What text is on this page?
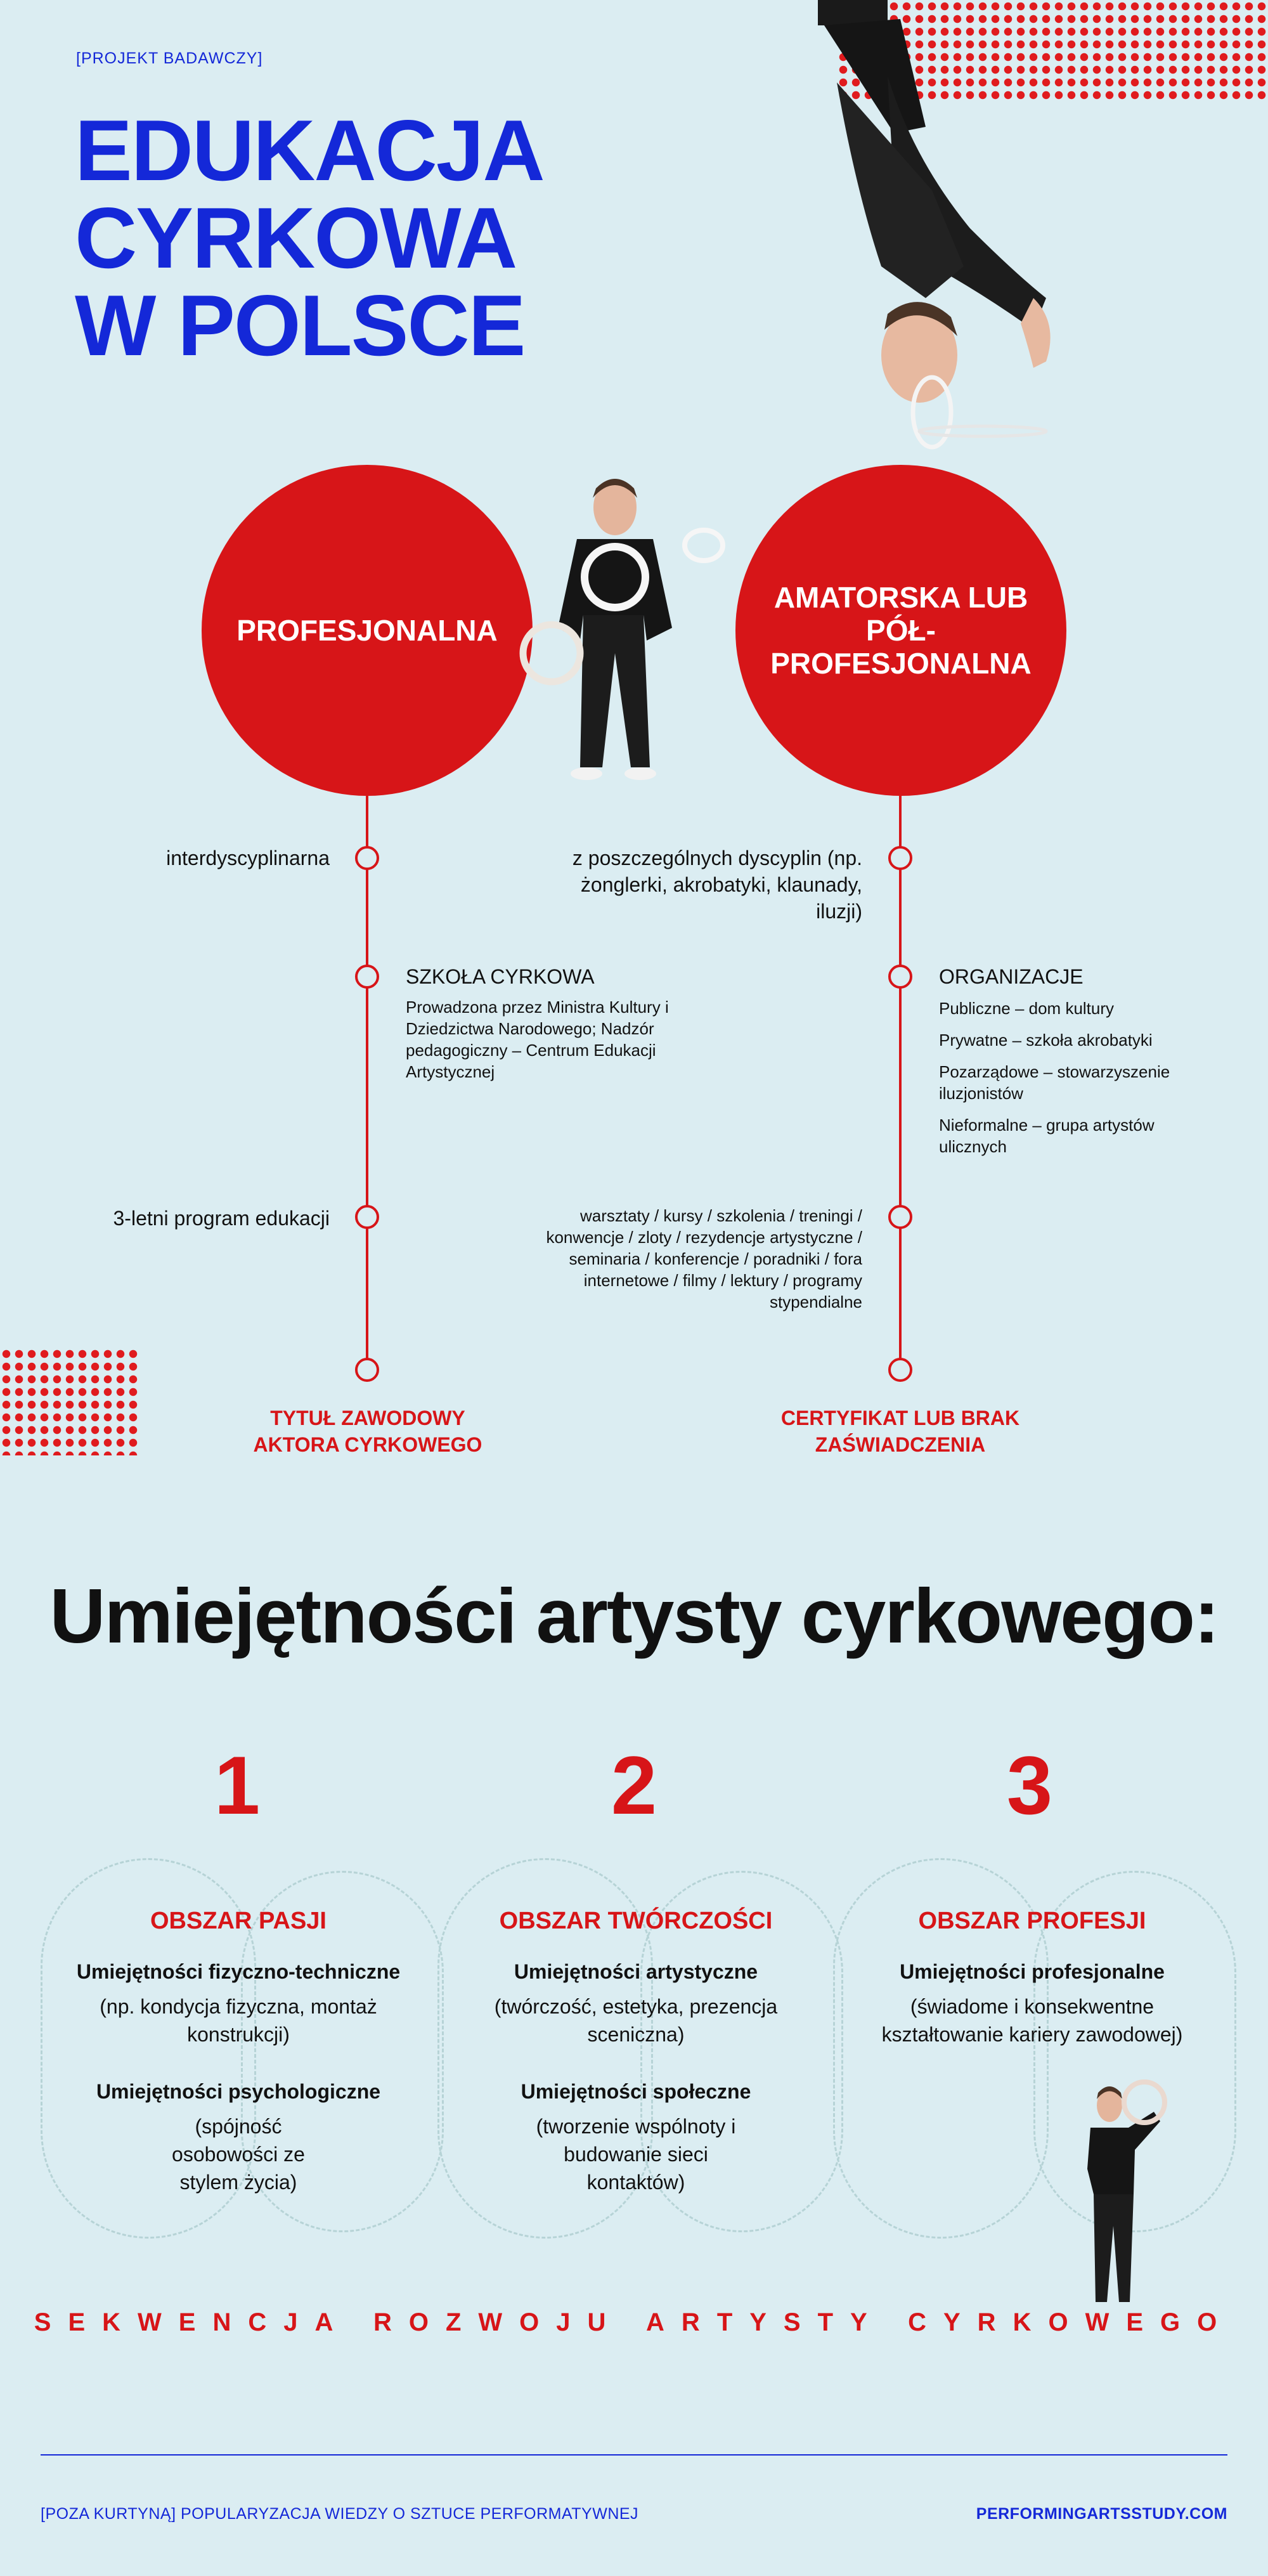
[PROJEKT BADAWCZY]
EDUKACJA
CYRKOWA
W POLSCE
PROFESJONALNA
AMATORSKA LUB PÓŁ-PROFESJONALNA
interdyscyplinarna
SZKOŁA CYRKOWA
Prowadzona przez Ministra Kultury i Dziedzictwa Narodowego; Nadzór pedagogiczny – Centrum Edukacji Artystycznej
3-letni program edukacji
TYTUŁ ZAWODOWY AKTORA CYRKOWEGO
z poszczególnych dyscyplin (np. żonglerki, akrobatyki, klaunady, iluzji)
ORGANIZACJE
Publiczne – dom kultury
Prywatne – szkoła akrobatyki
Pozarządowe – stowarzyszenie iluzjonistów
Nieformalne – grupa artystów ulicznych
warsztaty / kursy / szkolenia / treningi / konwencje / zloty / rezydencje artystyczne / seminaria / konferencje / poradniki / fora internetowe / filmy / lektury / programy stypendialne
CERTYFIKAT LUB BRAK ZAŚWIADCZENIA
Umiejętności artysty cyrkowego:
1	2	3
OBSZAR PASJI
Umiejętności fizyczno-techniczne
(np. kondycja fizyczna, montaż konstrukcji)
Umiejętności psychologiczne
(spójność osobowości ze stylem życia)
OBSZAR TWÓRCZOŚCI
Umiejętności artystyczne
(twórczość, estetyka, prezencja sceniczna)
Umiejętności społeczne
(tworzenie wspólnoty i budowanie sieci kontaktów)
OBSZAR PROFESJI
Umiejętności profesjonalne
(świadome i konsekwentne kształtowanie kariery zawodowej)
SEKWENCJA ROZWOJU ARTYSTY CYRKOWEGO
[POZA KURTYNĄ] POPULARYZACJA WIEDZY O SZTUCE PERFORMATYWNEJ	PERFORMINGARTSSTUDY.COM
